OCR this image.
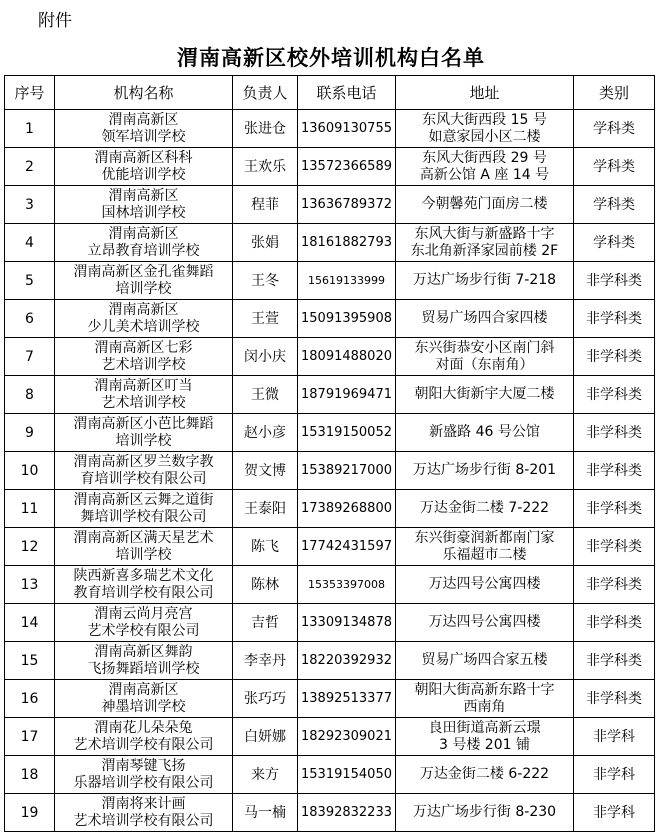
附件
渭南高新区校外培训机构白名单
序号	机构名称	负责人	联系电话	地址	类别
1	渭南高新区
领军培训学校	张进仓	13609130755	东风大街西段 15 号
如意家园小区二楼	学科类
2	渭南高新区科科
优能培训学校	王欢乐	13572366589	东风大街西段 29 号
高新公馆 A 座 14 号	学科类
3	渭南高新区
国林培训学校	程菲	13636789372	今朝馨苑门面房二楼	学科类
4	渭南高新区
立昂教育培训学校	张娟	18161882793	东风大街与新盛路十字
东北角新泽家园前楼 2F	学科类
5	渭南高新区金孔雀舞蹈
培训学校	王冬	15619133999	万达广场步行街 7-218	非学科类
6	渭南高新区
少儿美术培训学校	王萱	15091395908	贸易广场四合家四楼	非学科类
7	渭南高新区七彩
艺术培训学校	闵小庆	18091488020	东兴街恭安小区南门斜
对面（东南角）	非学科类
8	渭南高新区叮当
艺术培训学校	王微	18791969471	朝阳大街新宇大厦二楼	非学科类
9	渭南高新区小芭比舞蹈
培训学校	赵小彦	15319150052	新盛路 46 号公馆	非学科类
10	渭南高新区罗兰数字教
育培训学校有限公司	贺文博	15389217000	万达广场步行街 8-201	非学科类
11	渭南高新区云舞之道街
舞培训学校有限公司	王泰阳	17389268800	万达金街二楼 7-222	非学科类
12	渭南高新区满天星艺术
培训学校	陈飞	17742431597	东兴街豪润新都南门家
乐福超市二楼	非学科类
13	陕西新喜多瑞艺术文化
教育培训学校有限公司	陈林	15353397008	万达四号公寓四楼	非学科类
14	渭南云尚月亮宫
艺术学校有限公司	吉哲	13309134878	万达四号公寓四楼	非学科类
15	渭南高新区舞韵
飞扬舞蹈培训学校	李幸丹	18220392932	贸易广场四合家五楼	非学科类
16	渭南高新区
神墨培训学校	张巧巧	13892513377	朝阳大街高新东路十字
西南角	非学科类
17	渭南花儿朵朵兔
艺术培训学校有限公司	白妍娜	18292309021	良田街道高新云璟
3 号楼 201 铺	非学科
18	渭南琴键飞扬
乐器培训学校有限公司	来方	15319154050	万达金街二楼 6-222	非学科
19	渭南将来计画
艺术培训学校有限公司	马一楠	18392832233	万达广场步行街 8-230	非学科
